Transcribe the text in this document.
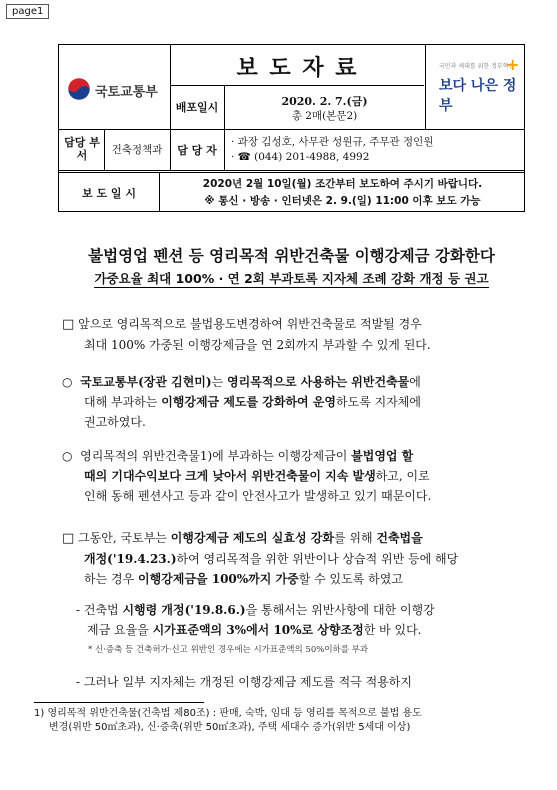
page1
국토교통부
보 도 자 료
배포일시	2020. 2. 7.(금)
총 2매(본문2)
국민과 세대를 위한 정부혁신
보다 나은 정부
+
담당 부서	건축정책과	담 당 자
· 과장 김성호, 사무관 성원규, 주무관 정인원
· ☎ (044) 201-4988, 4992
보 도 일 시
2020년 2월 10일(월) 조간부터 보도하여 주시기 바랍니다.
※ 통신 · 방송 · 인터넷은 2. 9.(일) 11:00 이후 보도 가능
불법영업 펜션 등 영리목적 위반건축물 이행강제금 강화한다
가중요율 최대 100% · 연 2회 부과토록 지자체 조례 강화 개정 등 권고
□ 앞으로 영리목적으로 불법용도변경하여 위반건축물로 적발될 경우
최대 100% 가중된 이행강제금을 연 2회까지 부과할 수 있게 된다.
○ 국토교통부(장관 김현미)는 영리목적으로 사용하는 위반건축물에
대해 부과하는 이행강제금 제도를 강화하여 운영하도록 지자체에
권고하였다.
○ 영리목적의 위반건축물1)에 부과하는 이행강제금이 불법영업 할
때의 기대수익보다 크게 낮아서 위반건축물이 지속 발생하고, 이로
인해 동해 펜션사고 등과 같이 안전사고가 발생하고 있기 때문이다.
□ 그동안, 국토부는 이행강제금 제도의 실효성 강화를 위해 건축법을
개정('19.4.23.)하여 영리목적을 위한 위반이나 상습적 위반 등에 해당
하는 경우 이행강제금을 100%까지 가중할 수 있도록 하였고
- 건축법 시행령 개정('19.8.6.)을 통해서는 위반사항에 대한 이행강
제금 요율을 시가표준액의 3%에서 10%로 상향조정한 바 있다.
* 신·증축 등 건축허가·신고 위반인 경우에는 시가표준액의 50%이하를 부과
- 그러나 일부 지자체는 개정된 이행강제금 제도를 적극 적용하지
1) 영리목적 위반건축물(건축법 제80조) : 판매, 숙박, 임대 등 영리를 목적으로 불법 용도
변경(위반 50㎡초과), 신·증축(위반 50㎡초과), 주택 세대수 증가(위반 5세대 이상)
